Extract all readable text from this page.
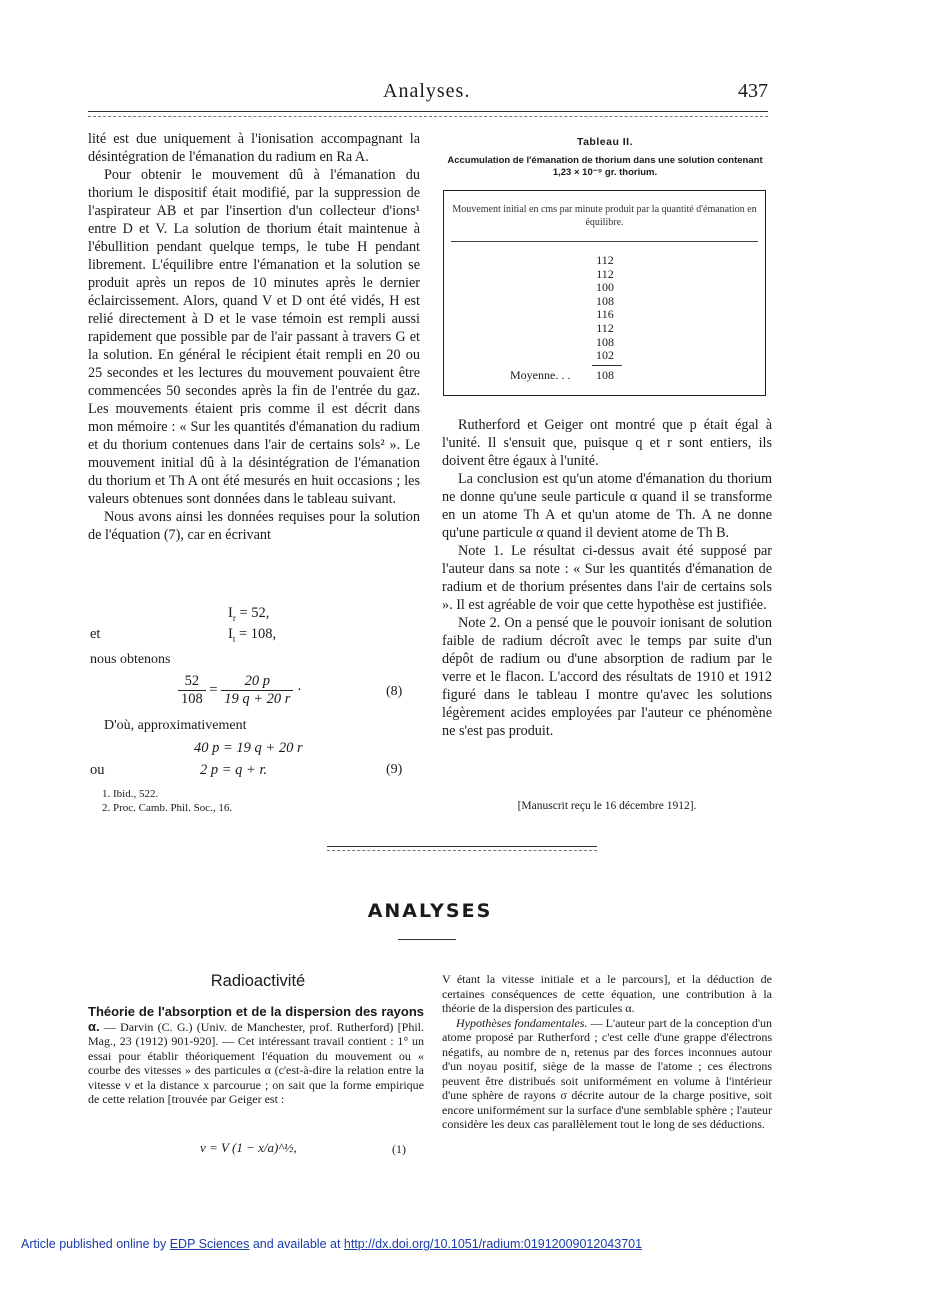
Analyses.	437

lité est due uniquement à l'ionisation accompagnant la désintégration de l'émanation du radium en Ra A.

Pour obtenir le mouvement dû à l'émanation du thorium le dispositif était modifié, par la suppression de l'aspirateur AB et par l'insertion d'un collecteur d'ions¹ entre D et V. La solution de thorium était maintenue à l'ébullition pendant quelque temps, le tube H pendant librement. L'équilibre entre l'émanation et la solution se produit après un repos de 10 minutes après le dernier éclaircissement. Alors, quand V et D ont été vidés, H est relié directement à D et le vase témoin est rempli aussi rapidement que possible par de l'air passant à travers G et la solution. En général le récipient était rempli en 20 ou 25 secondes et les lectures du mouvement pouvaient être commencées 50 secondes après la fin de l'entrée du gaz. Les mouvements étaient pris comme il est décrit dans mon mémoire : « Sur les quantités d'émanation du radium et du thorium contenues dans l'air de certains sols² ». Le mouvement initial dû à la désintégration de l'émanation du thorium et Th A ont été mesurés en huit occasions ; les valeurs obtenues sont données dans le tableau suivant.

Nous avons ainsi les données requises pour la solution de l'équation (7), car en écrivant

$I_r = 52$,
et	$I_t = 108$,
nous obtenons
$\frac{52}{108} = \frac{20 p}{19 q + 20 r}$ ·	(8)
D'où, approximativement
40 p = 19 q + 20 r
ou	2 p = q + r.	(9)
1. Ibid., 522.
2. Proc. Camb. Phil. Soc., 16.
Tableau II.
Accumulation de l'émanation de thorium dans une solution contenant 1,23 × 10⁻⁹ gr. thorium.
Mouvement initial en cms par minute produit par la quantité d'émanation en équilibre.
112
112
100
108
116
112
108
102
Moyenne. . .	108

Rutherford et Geiger ont montré que p était égal à l'unité. Il s'ensuit que, puisque q et r sont entiers, ils doivent être égaux à l'unité.

La conclusion est qu'un atome d'émanation du thorium ne donne qu'une seule particule α quand il se transforme en un atome Th A et qu'un atome de Th. A ne donne qu'une particule α quand il devient atome de Th B.

Note 1. Le résultat ci-dessus avait été supposé par l'auteur dans sa note : « Sur les quantités d'émanation de radium et de thorium présentes dans l'air de certains sols ». Il est agréable de voir que cette hypothèse est justifiée.

Note 2. On a pensé que le pouvoir ionisant de solution faible de radium décroît avec le temps par suite d'un dépôt de radium ou d'une absorption de radium par le verre et le flacon. L'accord des résultats de 1910 et 1912 figuré dans le tableau I montre qu'avec les solutions légèrement acides employées par l'auteur ce phénomène ne s'est pas produit.

[Manuscrit reçu le 16 décembre 1912].
ANALYSES
Radioactivité

Théorie de l'absorption et de la dispersion des rayons α. — Darvin (C. G.) (Univ. de Manchester, prof. Rutherford) [Phil. Mag., 23 (1912) 901-920]. — Cet intéressant travail contient : 1° un essai pour établir théoriquement l'équation du mouvement ou « courbe des vitesses » des particules α (c'est-à-dire la relation entre la vitesse v et la distance x parcourue ; on sait que la forme empirique de cette relation [trouvée par Geiger est :

v = V (1 − x/a)^½,	(1)

V étant la vitesse initiale et a le parcours], et la déduction de certaines conséquences de cette équation, une contribution à la théorie de la dispersion des particules α.

Hypothèses fondamentales. — L'auteur part de la conception d'un atome proposé par Rutherford ; c'est celle d'une grappe d'électrons négatifs, au nombre de n, retenus par des forces inconnues autour d'un noyau positif, siège de la masse de l'atome ; ces électrons peuvent être distribués soit uniformément en volume à l'intérieur d'une sphère de rayons σ décrite autour de la charge positive, soit encore uniformément sur la surface d'une semblable sphère ; l'auteur considère les deux cas parallèlement tout le long de ses déductions.

Article published online by EDP Sciences and available at http://dx.doi.org/10.1051/radium:01912009012043701
